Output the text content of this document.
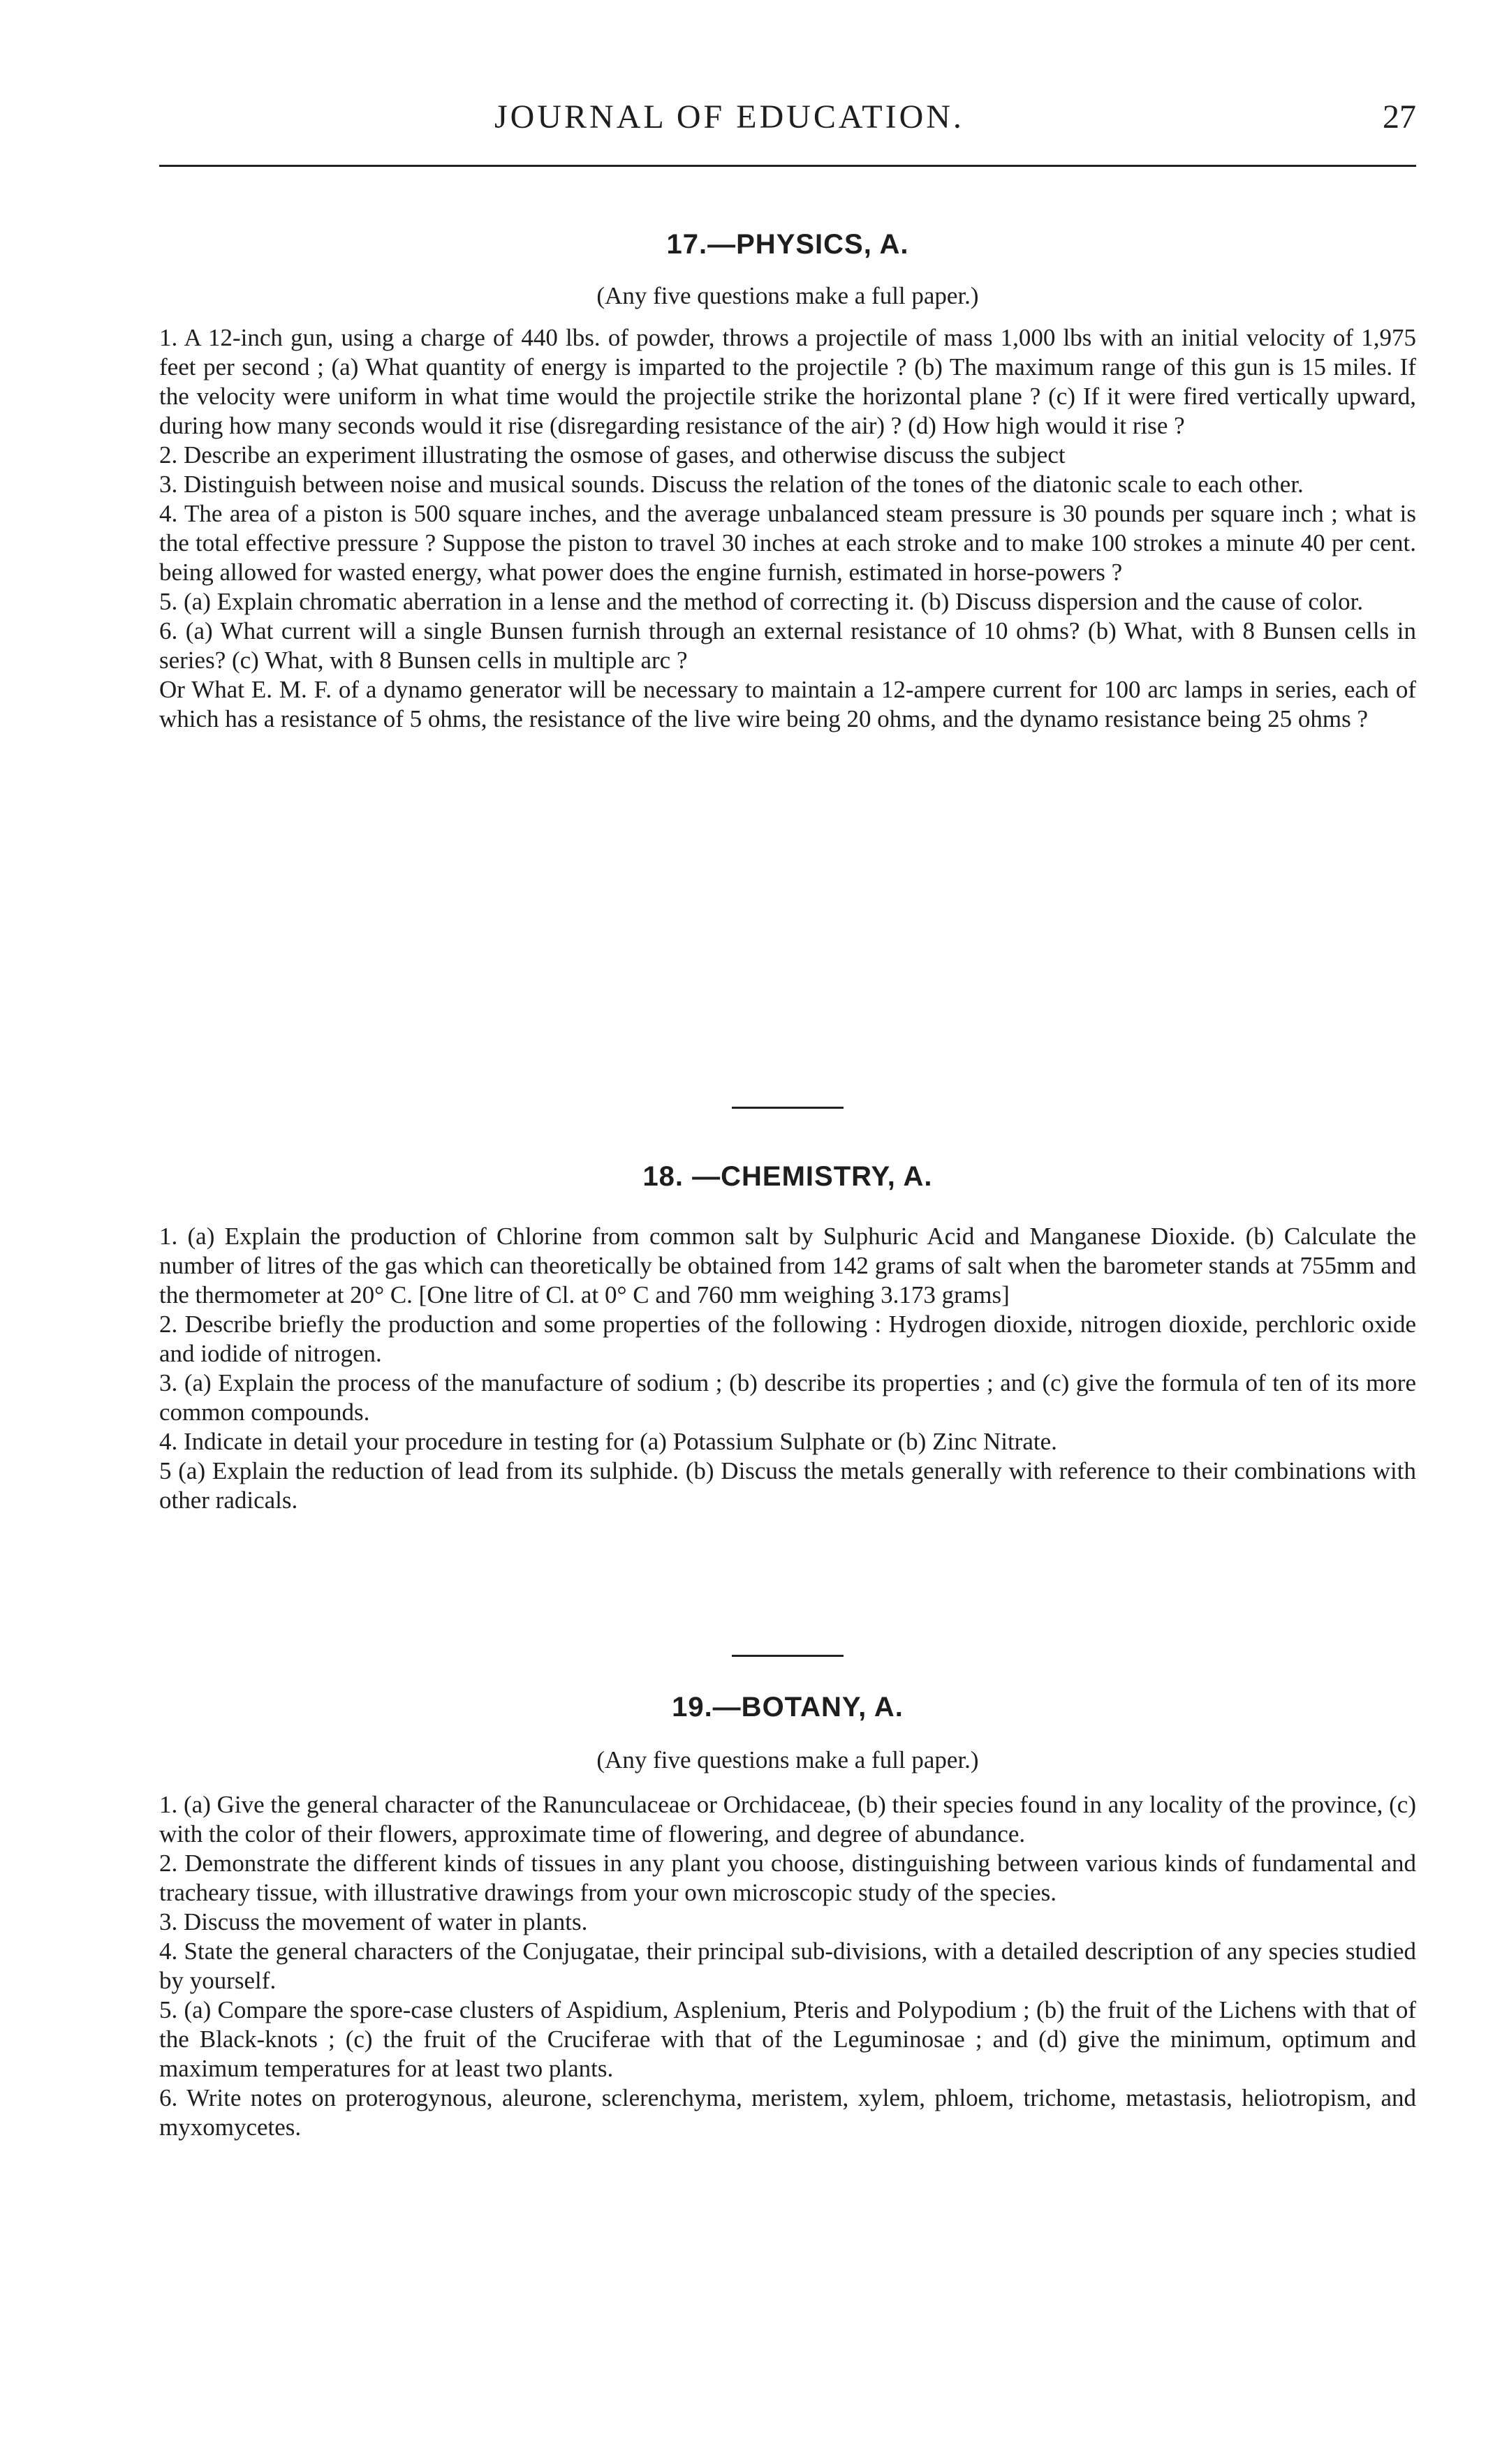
JOURNAL OF EDUCATION.	27
17.—PHYSICS, A.
(Any five questions make a full paper.)

1. A 12-inch gun, using a charge of 440 lbs. of powder, throws a projectile of mass 1,000 lbs with an initial velocity of 1,975 feet per second ; (a) What quantity of energy is imparted to the projectile ? (b) The maximum range of this gun is 15 miles. If the velocity were uniform in what time would the projectile strike the horizontal plane ? (c) If it were fired vertically upward, during how many seconds would it rise (disregarding resistance of the air) ? (d) How high would it rise ?

2. Describe an experiment illustrating the osmose of gases, and otherwise discuss the subject

3. Distinguish between noise and musical sounds. Discuss the relation of the tones of the diatonic scale to each other.

4. The area of a piston is 500 square inches, and the average unbalanced steam pressure is 30 pounds per square inch ; what is the total effective pressure ? Suppose the piston to travel 30 inches at each stroke and to make 100 strokes a minute 40 per cent. being allowed for wasted energy, what power does the engine furnish, estimated in horse-powers ?

5. (a) Explain chromatic aberration in a lense and the method of correcting it. (b) Discuss dispersion and the cause of color.

6. (a) What current will a single Bunsen furnish through an external resistance of 10 ohms? (b) What, with 8 Bunsen cells in series? (c) What, with 8 Bunsen cells in multiple arc ?

Or What E. M. F. of a dynamo generator will be necessary to maintain a 12-ampere current for 100 arc lamps in series, each of which has a resistance of 5 ohms, the resistance of the live wire being 20 ohms, and the dynamo resistance being 25 ohms ?

18. —CHEMISTRY, A.

1. (a) Explain the production of Chlorine from common salt by Sulphuric Acid and Manganese Dioxide. (b) Calculate the number of litres of the gas which can theoretically be obtained from 142 grams of salt when the barometer stands at 755mm and the thermometer at 20° C. [One litre of Cl. at 0° C and 760 mm weighing 3.173 grams]

2. Describe briefly the production and some properties of the following : Hydrogen dioxide, nitrogen dioxide, perchloric oxide and iodide of nitrogen.

3. (a) Explain the process of the manufacture of sodium ; (b) describe its properties ; and (c) give the formula of ten of its more common compounds.

4. Indicate in detail your procedure in testing for (a) Potassium Sulphate or (b) Zinc Nitrate.

5 (a) Explain the reduction of lead from its sulphide. (b) Discuss the metals generally with reference to their combinations with other radicals.

19.—BOTANY, A.
(Any five questions make a full paper.)

1. (a) Give the general character of the Ranunculaceae or Orchidaceae, (b) their species found in any locality of the province, (c) with the color of their flowers, approximate time of flowering, and degree of abundance.

2. Demonstrate the different kinds of tissues in any plant you choose, distinguishing between various kinds of fundamental and tracheary tissue, with illustrative drawings from your own microscopic study of the species.

3. Discuss the movement of water in plants.

4. State the general characters of the Conjugatae, their principal sub-divisions, with a detailed description of any species studied by yourself.

5. (a) Compare the spore-case clusters of Aspidium, Asplenium, Pteris and Polypodium ; (b) the fruit of the Lichens with that of the Black-knots ; (c) the fruit of the Cruciferae with that of the Leguminosae ; and (d) give the minimum, optimum and maximum temperatures for at least two plants.

6. Write notes on proterogynous, aleurone, sclerenchyma, meristem, xylem, phloem, trichome, metastasis, heliotropism, and myxomycetes.
